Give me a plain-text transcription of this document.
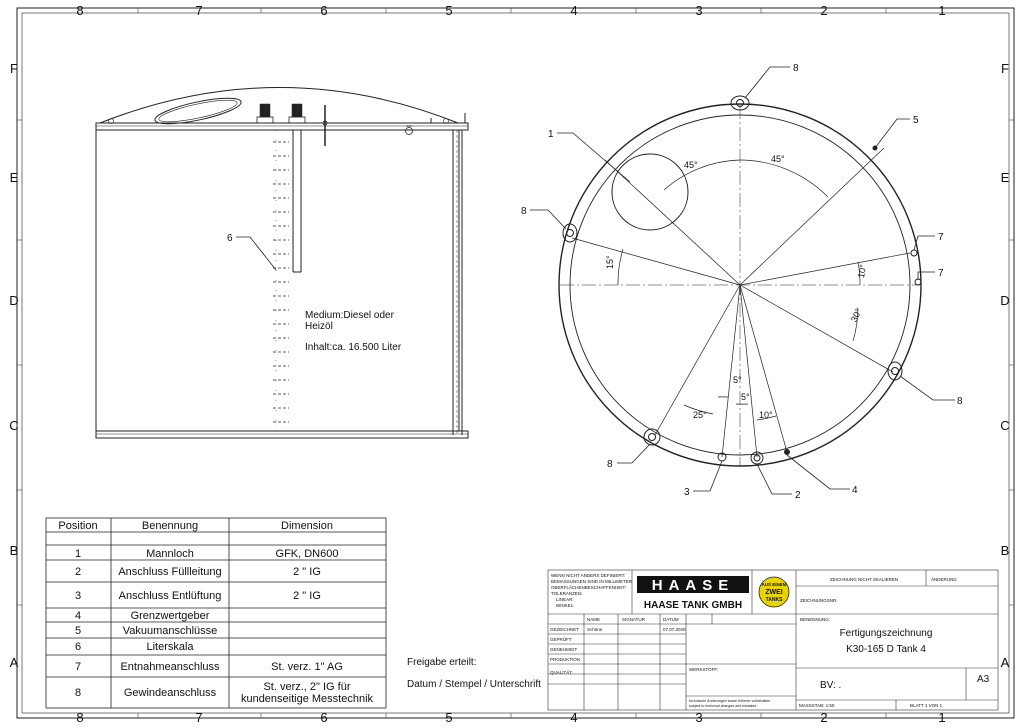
8	7	6	5	4	3	2	1
8	7	6	5	4	3	2	1
F
E
D
C
B
A
F
E
D
C
B
A
6
Medium:Diesel oder
Heizöl
Inhalt:ca. 16.500 Liter
1
5
8
8
8
8
7
7
3	2	4
45°
45°
15°
10°
30°
5°
5°
25°	10°
Position	Benennung	Dimension
1	Mannloch	GFK, DN600
2	Anschluss Füllleitung	2 " IG
3	Anschluss Entlüftung	2 " IG
4	Grenzwertgeber
5	Vakuumanschlüsse
6	Literskala
7	Entnahmeanschluss	St. verz. 1" AG
8	Gewindeanschluss	St. verz., 2" IG für
kundenseitige Messtechnik
Freigabe erteilt:
Datum / Stempel / Unterschrift
HAASE
HAASE TANK GMBH
AUS EINEM
ZWEI
TANKS
WENN NICHT ANDERS DEFINIERT:
BEMASSUNGEN SIND IN MILLIMETER
OBERFLÄCHENBESCHAFFENHEIT:
TOLERANZEN:
LINEAR:
WINKEL:
ZEICHNUNG NICHT SKALIEREN	ÄNDERUNG
ZEICHNUNGSNR.
NAME	SIGNATUR	DATUM
GEZEICHNET
GEPRÜFT
GENEHMIGT
PRODUKTION
QUALITÄT
Schöne	07.07.2020
WERKSTOFF:
BENENNUNG:
Fertigungszeichnung
K30-165 D Tank 4
BV: .
A3
technische Änderungen sowie Irrtümer vorbehalten
subject to technical changes and mistakes	MASSSTAB: 1:50	BLATT 1 VON 1
